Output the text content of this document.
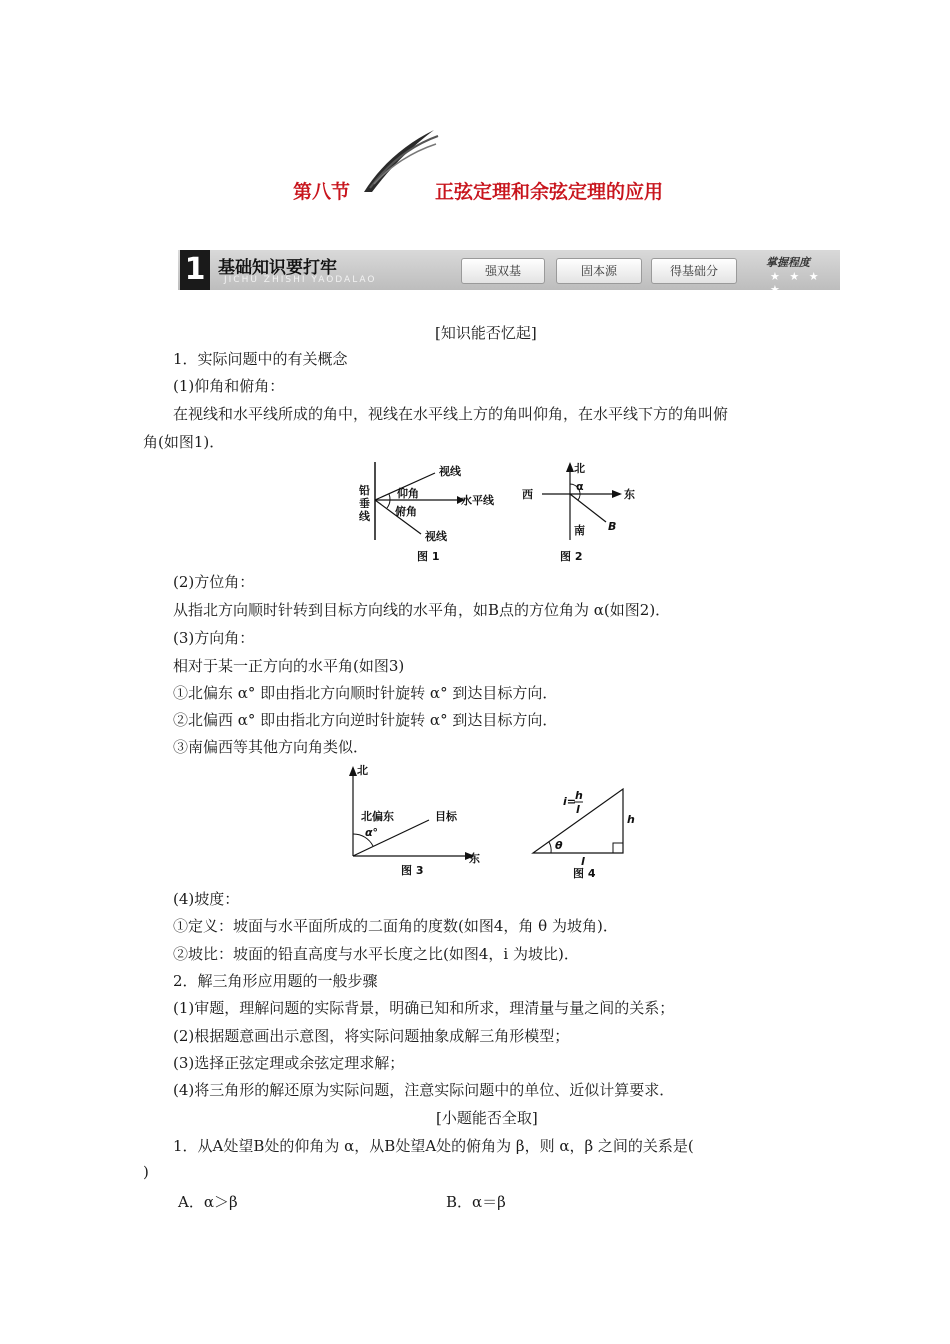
第八节	正弦定理和余弦定理的应用
1 基础知识要打牢
JICHU ZHISHI YAODALAO
强双基	固本源	得基础分
掌握程度
★ ★ ★ ★
[知识能否忆起]
1．实际问题中的有关概念
(1)仰角和俯角：
在视线和水平线所成的角中，视线在水平线上方的角叫仰角，在水平线下方的角叫俯
角(如图1)．
铅
垂
线
视线
仰角
水平线
俯角
视线
图 1
北
西	东
α
南 B
图 2
(2)方位角：
从指北方向顺时针转到目标方向线的水平角，如B点的方位角为 α(如图2)．
(3)方向角：
相对于某一正方向的水平角(如图3)
①北偏东 α° 即由指北方向顺时针旋转 α° 到达目标方向．
②北偏西 α° 即由指北方向逆时针旋转 α° 到达目标方向．
③南偏西等其他方向角类似．
北
北偏东
α°
目标
东
图 3
i= h
l
h
θ
l
图 4
(4)坡度：
①定义：坡面与水平面所成的二面角的度数(如图4，角 θ 为坡角)．
②坡比：坡面的铅直高度与水平长度之比(如图4，i 为坡比)．
2．解三角形应用题的一般步骤
(1)审题，理解问题的实际背景，明确已知和所求，理清量与量之间的关系；
(2)根据题意画出示意图，将实际问题抽象成解三角形模型；
(3)选择正弦定理或余弦定理求解；
(4)将三角形的解还原为实际问题，注意实际问题中的单位、近似计算要求．
[小题能否全取]
1．从A处望B处的仰角为 α，从B处望A处的俯角为 β，则 α，β 之间的关系是(
)
A．α＞β	B．α＝β
